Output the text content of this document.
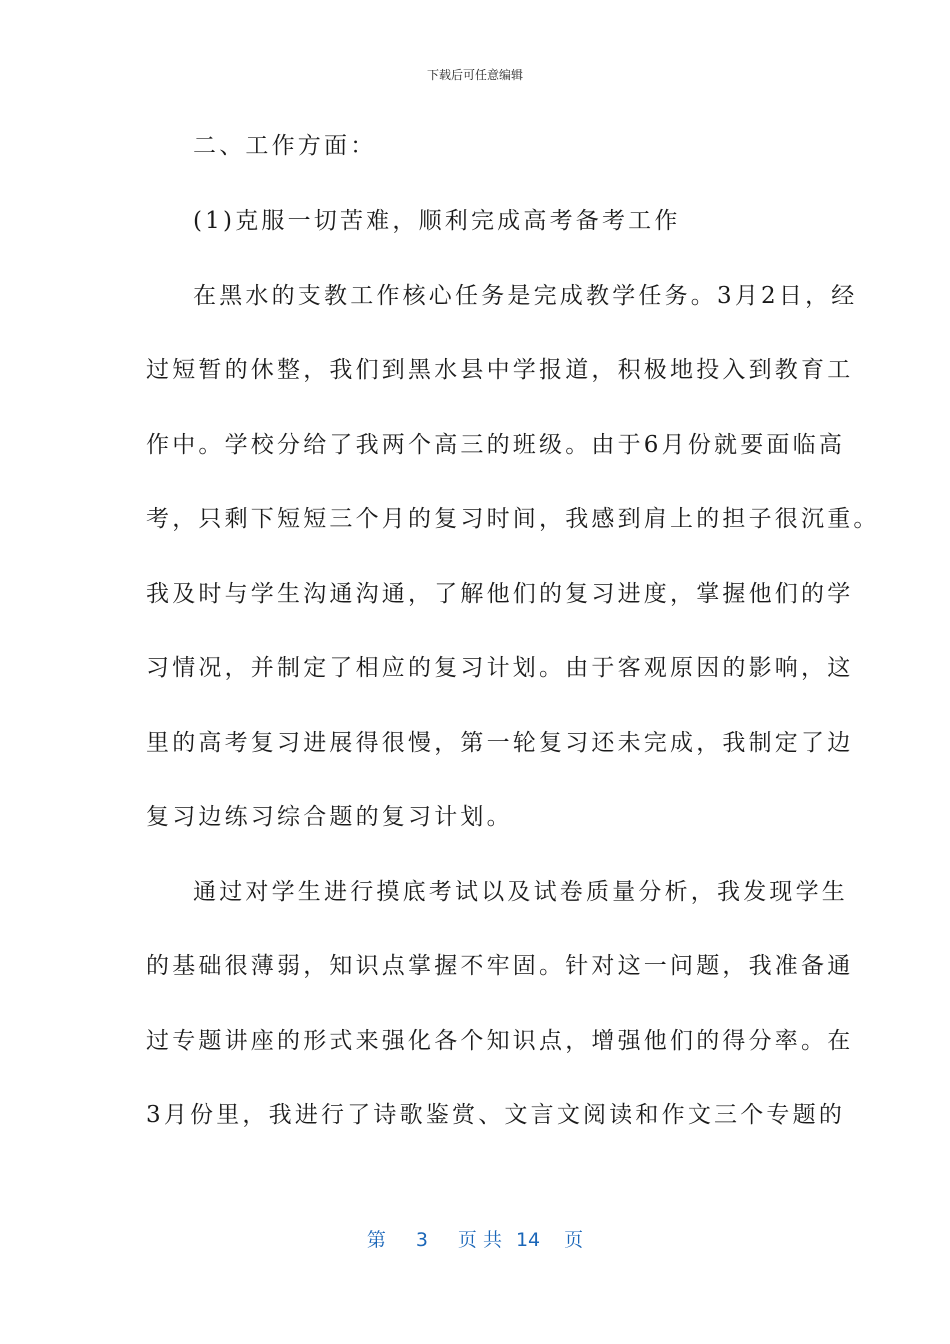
下载后可任意编辑
二、工作方面：
(1)克服一切苦难，顺利完成高考备考工作
在黑水的支教工作核心任务是完成教学任务。3月2日，经
过短暂的休整，我们到黑水县中学报道，积极地投入到教育工
作中。学校分给了我两个高三的班级。由于6月份就要面临高
考，只剩下短短三个月的复习时间，我感到肩上的担子很沉重。
我及时与学生沟通沟通，了解他们的复习进度，掌握他们的学
习情况，并制定了相应的复习计划。由于客观原因的影响，这
里的高考复习进展得很慢，第一轮复习还未完成，我制定了边
复习边练习综合题的复习计划。
通过对学生进行摸底考试以及试卷质量分析，我发现学生
的基础很薄弱，知识点掌握不牢固。针对这一问题，我准备通
过专题讲座的形式来强化各个知识点，增强他们的得分率。在
3月份里，我进行了诗歌鉴赏、文言文阅读和作文三个专题的
第 3 页 共 14 页
